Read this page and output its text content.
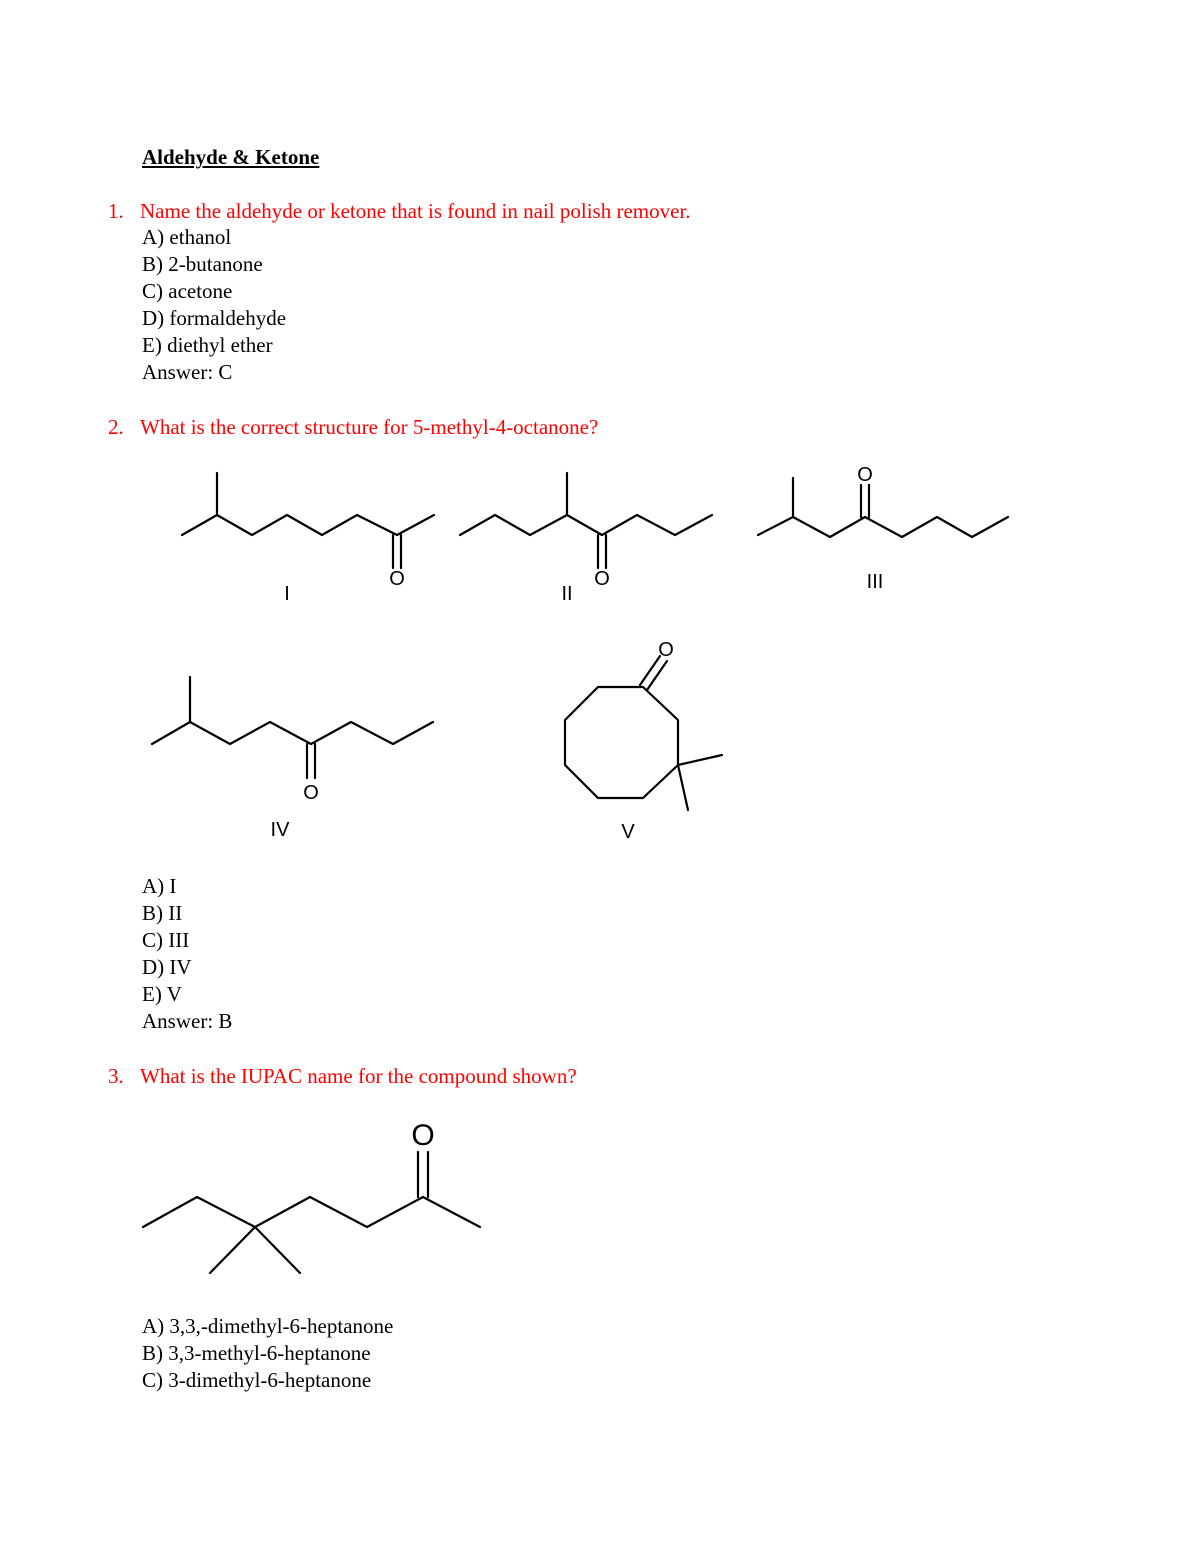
Aldehyde & Ketone
1. Name the aldehyde or ketone that is found in nail polish remover.
A) ethanol
B) 2-butanone
C) acetone
D) formaldehyde
E) diethyl ether
Answer: C
2. What is the correct structure for 5-methyl-4-octanone?
O
I
O
II
O
III
O
IV
O
V
A) I
B) II
C) III
D) IV
E) V
Answer: B
3. What is the IUPAC name for the compound shown?
O
A) 3,3,-dimethyl-6-heptanone
B) 3,3-methyl-6-heptanone
C) 3-dimethyl-6-heptanone
